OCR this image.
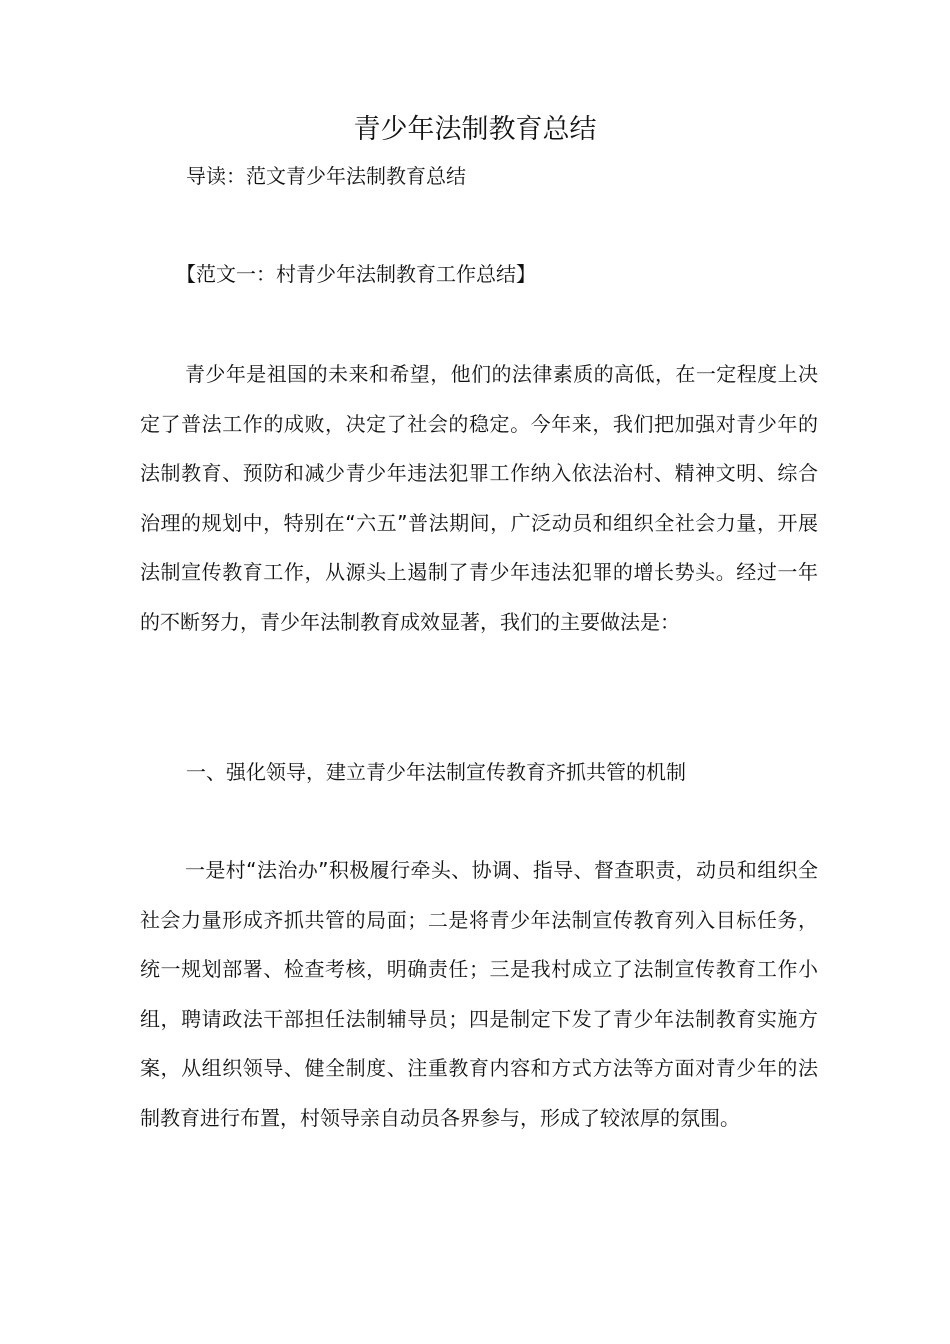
青少年法制教育总结

导读：范文青少年法制教育总结

【范文一：村青少年法制教育工作总结】

青少年是祖国的未来和希望，他们的法律素质的高低，在一定程度上决定了普法工作的成败，决定了社会的稳定。今年来，我们把加强对青少年的法制教育、预防和减少青少年违法犯罪工作纳入依法治村、精神文明、综合治理的规划中，特别在“六五”普法期间，广泛动员和组织全社会力量，开展法制宣传教育工作，从源头上遏制了青少年违法犯罪的增长势头。经过一年的不断努力，青少年法制教育成效显著，我们的主要做法是：

一、强化领导，建立青少年法制宣传教育齐抓共管的机制

一是村“法治办”积极履行牵头、协调、指导、督查职责，动员和组织全社会力量形成齐抓共管的局面；二是将青少年法制宣传教育列入目标任务，统一规划部署、检查考核，明确责任；三是我村成立了法制宣传教育工作小组，聘请政法干部担任法制辅导员；四是制定下发了青少年法制教育实施方案，从组织领导、健全制度、注重教育内容和方式方法等方面对青少年的法制教育进行布置，村领导亲自动员各界参与，形成了较浓厚的氛围。
